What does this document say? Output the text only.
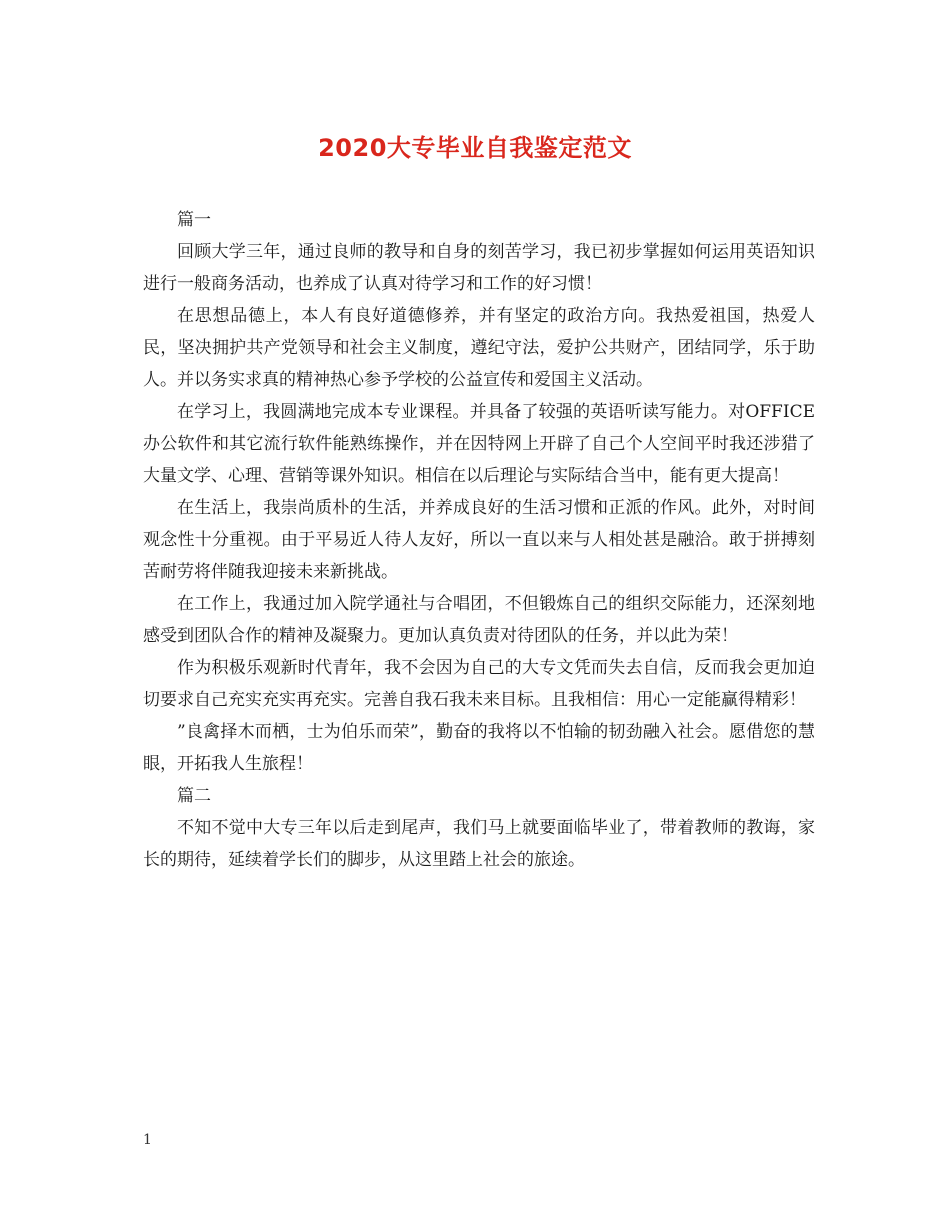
2020大专毕业自我鉴定范文

篇一

回顾大学三年，通过良师的教导和自身的刻苦学习，我已初步掌握如何运用英语知识进行一般商务活动，也养成了认真对待学习和工作的好习惯！

在思想品德上，本人有良好道德修养，并有坚定的政治方向。我热爱祖国，热爱人民，坚决拥护共产党领导和社会主义制度，遵纪守法，爱护公共财产，团结同学，乐于助人。并以务实求真的精神热心参予学校的公益宣传和爱国主义活动。

在学习上，我圆满地完成本专业课程。并具备了较强的英语听读写能力。对OFFICE办公软件和其它流行软件能熟练操作，并在因特网上开辟了自己个人空间平时我还涉猎了大量文学、心理、营销等课外知识。相信在以后理论与实际结合当中，能有更大提高！

在生活上，我崇尚质朴的生活，并养成良好的生活习惯和正派的作风。此外，对时间观念性十分重视。由于平易近人待人友好，所以一直以来与人相处甚是融洽。敢于拼搏刻苦耐劳将伴随我迎接未来新挑战。

在工作上，我通过加入院学通社与合唱团，不但锻炼自己的组织交际能力，还深刻地感受到团队合作的精神及凝聚力。更加认真负责对待团队的任务，并以此为荣！

作为积极乐观新时代青年，我不会因为自己的大专文凭而失去自信，反而我会更加迫切要求自己充实充实再充实。完善自我石我未来目标。且我相信：用心一定能赢得精彩！

”良禽择木而栖，士为伯乐而荣”，勤奋的我将以不怕输的韧劲融入社会。愿借您的慧眼，开拓我人生旅程！

篇二

不知不觉中大专三年以后走到尾声，我们马上就要面临毕业了，带着教师的教诲，家长的期待，延续着学长们的脚步，从这里踏上社会的旅途。

1
